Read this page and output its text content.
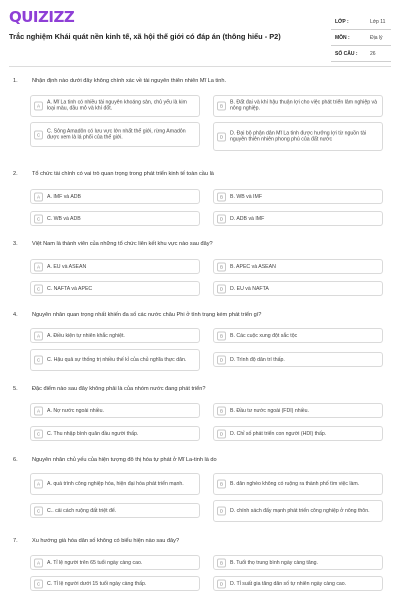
QUIZIZZ
Trắc nghiệm Khái quát nền kinh tế, xã hội thế giới có đáp án (thông hiểu - P2)
LỚP :	Lớp 11
MÔN :	Địa lý
SỐ CÂU :	26
1.	Nhận định nào dưới đây không chính xác về tài nguyên thiên nhiên Mĩ La tinh.
A
A. Mĩ La tinh có nhiều tài nguyên khoáng sản, chủ yếu là kim loại màu, dầu mỏ và khí đốt.	B
B. Đất đai và khí hậu thuận lợi cho việc phát triển lâm nghiệp và nông nghiệp.
C
C. Sông Amadôn có lưu vực lớn nhất thế giới, rừng Amadôn được xem là lá phổi của thế giới.	D
D. Đại bộ phận dân Mĩ La tinh được hưởng lợi từ nguồn tài nguyên thiên nhiên phong phú của đất nước
2.	Tổ chức tài chính có vai trò quan trọng trong phát triển kinh tế toàn cầu là
A	A. IMF và ADB	B	B. WB và IMF
C	C. WB và ADB	D	D. ADB và IMF
3.	Việt Nam là thành viên của những tổ chức liên kết khu vực nào sau đây?
A	A. EU và ASEAN	B	B. APEC và ASEAN
C	C. NAFTA và APEC	D	D. EU và NAFTA
4.	Nguyên nhân quan trọng nhất khiến đa số các nước châu Phi ở tình trạng kém phát triển gì?
A	A. Điều kiện tự nhiên khắc nghiệt.	B	B. Các cuộc xung đột sắc tộc
C	C. Hậu quả sự thống trị nhiều thế kỉ của chủ nghĩa thực dân.	D	D. Trình độ dân trí thấp.
5.	Đặc điểm nào sau đây không phải là của nhóm nước đang phát triển?
A	A. Nợ nước ngoài nhiều.	B	B. Đầu tư nước ngoài (FDI) nhiều.
C	C. Thu nhập bình quân đầu người thấp.	D	D. Chỉ số phát triển con người (HDI) thấp.
6.	Nguyên nhân chủ yếu của hiện tượng đô thị hóa tự phát ở Mĩ La-tinh là do
A	A. quá trình công nghiệp hóa, hiện đại hóa phát triển mạnh.	B	B. dân nghèo không có ruộng ra thành phố tìm việc làm.
C	C.. cải cách ruộng đất triệt để.	D	D. chính sách đẩy mạnh phát triển công nghiệp ở nông thôn.
7.	Xu hướng già hóa dân số không có biểu hiện nào sau đây?
A	A. Tỉ lệ người trên 65 tuổi ngày càng cao.	B	B. Tuổi thọ trung bình ngày càng tăng.
C	C. Tỉ lệ người dưới 15 tuổi ngày càng thấp.	D	D. Tỉ suất gia tăng dân số tự nhiên ngày càng cao.
